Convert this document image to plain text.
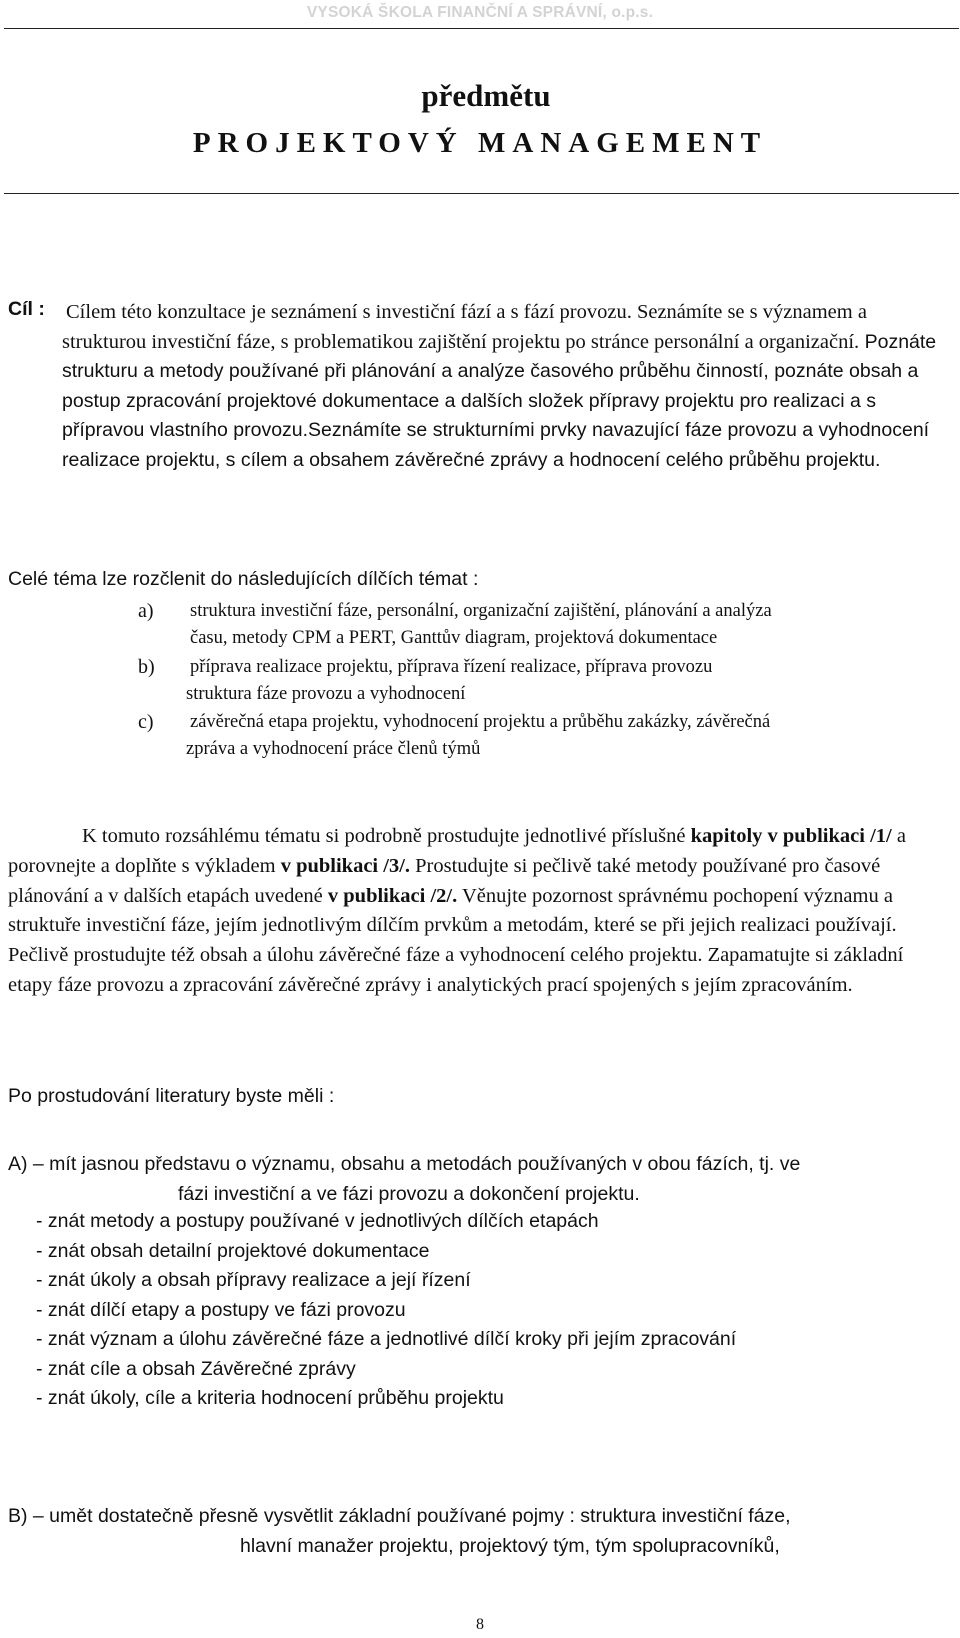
VYSOKÁ ŠKOLA FINANČNÍ A SPRÁVNÍ, o.p.s.
předmětu
PROJEKTOVÝ MANAGEMENT
Cíl : Cílem této konzultace je seznámení s investiční fází a s fází provozu. Seznámíte se s významem a strukturou investiční fáze, s problematikou zajištění projektu po stránce personální a organizační. Poznáte strukturu a metody používané při plánování a analýze časového průběhu činností, poznáte obsah a postup zpracování projektové dokumentace a dalších složek přípravy projektu pro realizaci a s přípravou vlastního provozu.Seznámíte se strukturními prvky navazující fáze provozu a vyhodnocení realizace projektu, s cílem a obsahem závěrečné zprávy a hodnocení celého průběhu projektu.

Celé téma lze rozčlenit do následujících dílčích témat :
a) struktura investiční fáze, personální, organizační zajištění, plánování a analýza
času, metody CPM a PERT, Ganttův diagram, projektová dokumentace
b) příprava realizace projektu, příprava řízení realizace, příprava provozu
struktura fáze provozu a vyhodnocení
c) závěrečná etapa projektu, vyhodnocení projektu a průběhu zakázky, závěrečná
zpráva a vyhodnocení práce členů týmů

K tomuto rozsáhlému tématu si podrobně prostudujte jednotlivé příslušné kapitoly v publikaci /1/ a porovnejte a doplňte s výkladem v publikaci /3/. Prostudujte si pečlivě také metody používané pro časové plánování a v dalších etapách uvedené v publikaci /2/. Věnujte pozornost správnému pochopení významu a struktuře investiční fáze, jejím jednotlivým dílčím prvkům a metodám, které se při jejich realizaci používají. Pečlivě prostudujte též obsah a úlohu závěrečné fáze a vyhodnocení celého projektu. Zapamatujte si základní etapy fáze provozu a zpracování závěrečné zprávy i analytických prací spojených s jejím zpracováním.

Po prostudování literatury byste měli :
A) – mít jasnou představu o významu, obsahu a metodách používaných v obou fázích, tj. ve
fázi investiční a ve fázi provozu a dokončení projektu.
- znát metody a postupy používané v jednotlivých dílčích etapách
- znát obsah detailní projektové dokumentace
- znát úkoly a obsah přípravy realizace a její řízení
- znát dílčí etapy a postupy ve fázi provozu
- znát význam a úlohu závěrečné fáze a jednotlivé dílčí kroky při jejím zpracování
- znát cíle a obsah Závěrečné zprávy
- znát úkoly, cíle a kriteria hodnocení průběhu projektu
B) – umět dostatečně přesně vysvětlit základní používané pojmy : struktura investiční fáze,
hlavní manažer projektu, projektový tým, tým spolupracovníků,
8
